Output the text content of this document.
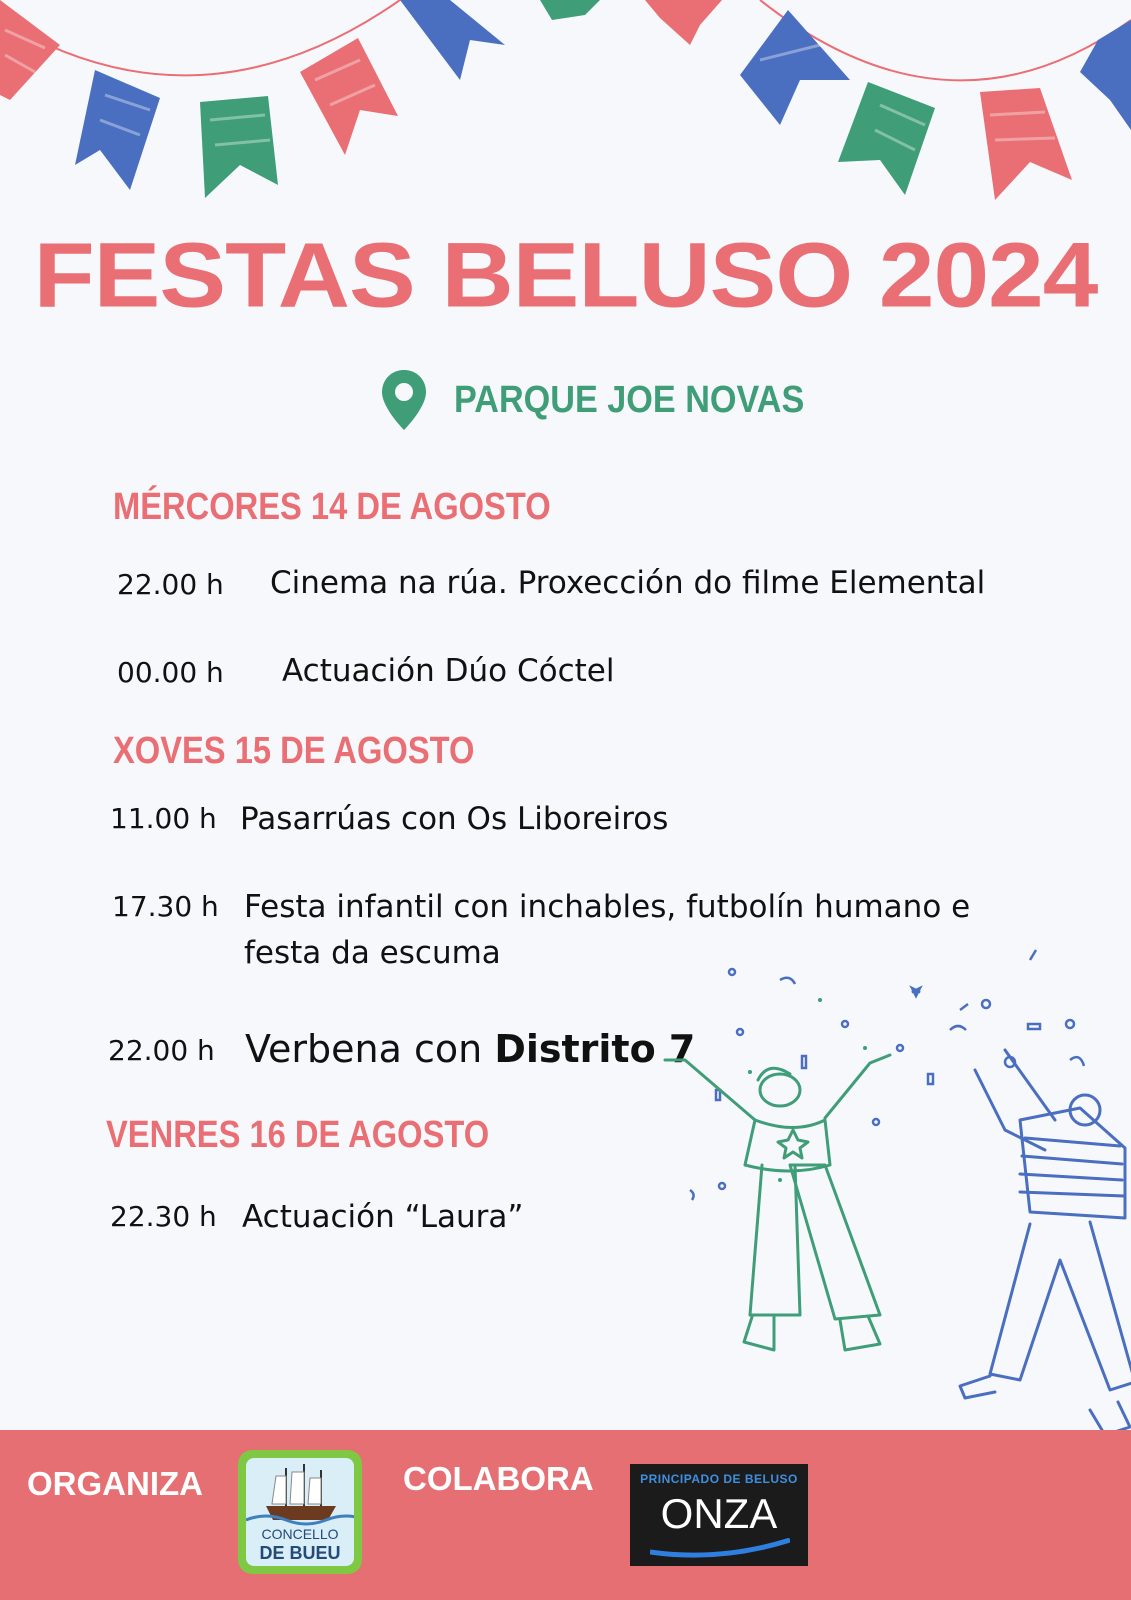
FESTAS BELUSO 2024
PARQUE JOE NOVAS
MÉRCORES 14 DE AGOSTO
22.00 h Cinema na rúa. Proxección do filme Elemental
00.00 h Actuación Dúo Cóctel
XOVES 15 DE AGOSTO
11.00 h Pasarrúas con Os Liboreiros
17.30 h Festa infantil con inchables, futbolín humano e festa da escuma
22.00 h Verbena con Distrito 7
VENRES 16 DE AGOSTO
22.30 h Actuación “Laura”
ORGANIZA
CONCELLO
DE BUEU
COLABORA	PRINCIPADO DE BELUSO
ONZA
